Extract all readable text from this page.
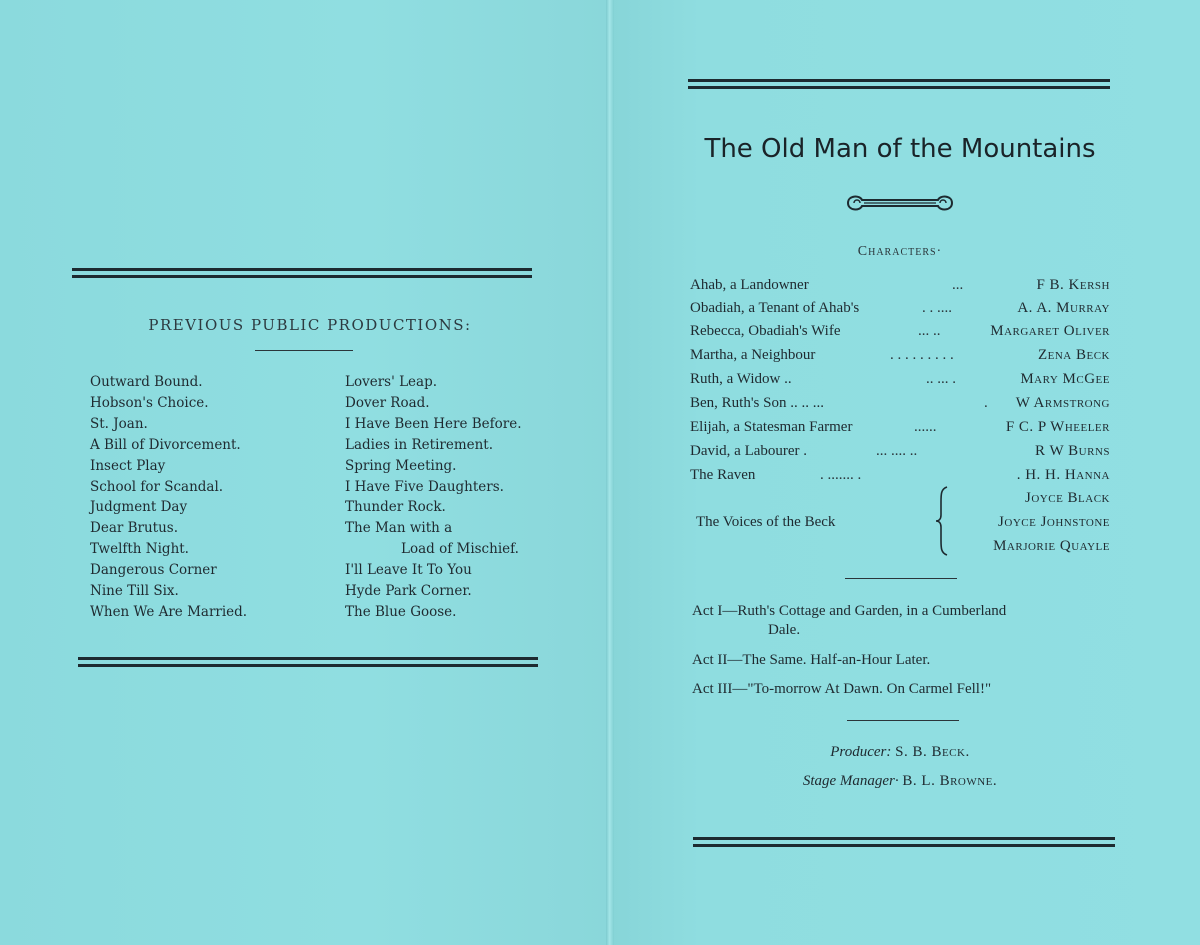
PREVIOUS PUBLIC PRODUCTIONS:
Outward Bound.
Hobson's Choice.
St. Joan.
A Bill of Divorcement.
Insect Play
School for Scandal.
Judgment Day
Dear Brutus.
Twelfth Night.
Dangerous Corner
Nine Till Six.
When We Are Married.
Lovers' Leap.
Dover Road.
I Have Been Here Before.
Ladies in Retirement.
Spring Meeting.
I Have Five Daughters.
Thunder Rock.
The Man with a
Load of Mischief.
I'll Leave It To You
Hyde Park Corner.
The Blue Goose.
The Old Man of the Mountains
Characters·
Ahab, a Landowner	...	F B. Kersh
Obadiah, a Tenant of Ahab's	. . ....	A. A. Murray
Rebecca, Obadiah's Wife	... ..	Margaret Oliver
Martha, a Neighbour	. . . . . . . . .	Zena Beck
Ruth, a Widow ..	.. ... .	Mary McGee
Ben, Ruth's Son .. .. ...	. W Armstrong
Elijah, a Statesman Farmer	......	F C. P Wheeler
David, a Labourer .	... .... ..	R W Burns
The Raven	. ....... .	. H. H. Hanna
The Voices of the Beck
Joyce Black
Joyce Johnstone
Marjorie Quayle
Act I—Ruth's Cottage and Garden, in a Cumberland
Dale.
Act II—The Same. Half-an-Hour Later.
Act III—"To-morrow At Dawn. On Carmel Fell!"
Producer: S. B. Beck.
Stage Manager· B. L. Browne.
